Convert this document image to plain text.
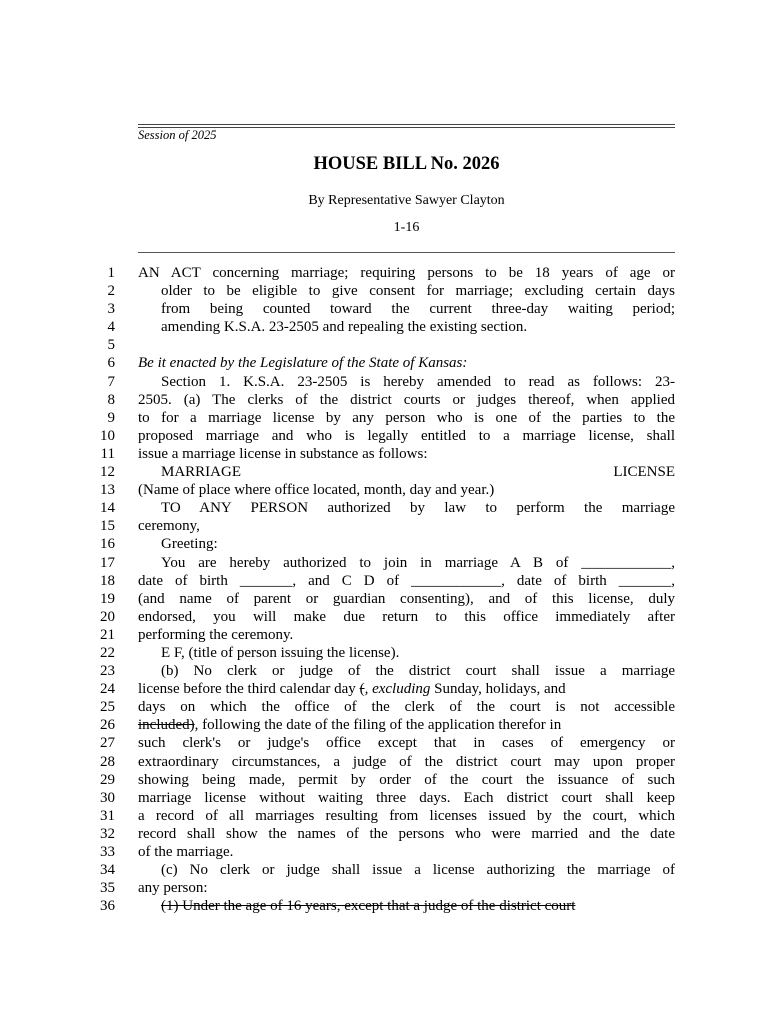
Session of 2025
HOUSE BILL No. 2026
By Representative Sawyer Clayton
1-16
1 AN ACT concerning marriage; requiring persons to be 18 years of age or
2	older to be eligible to give consent for marriage; excluding certain days
3	from being counted toward the current three-day waiting period;
4	amending K.S.A. 23-2505 and repealing the existing section.
5
6 Be it enacted by the Legislature of the State of Kansas:
7	Section 1. K.S.A. 23-2505 is hereby amended to read as follows: 23-
8 2505. (a) The clerks of the district courts or judges thereof, when applied
9 to for a marriage license by any person who is one of the parties to the
10 proposed marriage and who is legally entitled to a marriage license, shall
11 issue a marriage license in substance as follows:
12	MARRIAGE	LICENSE
13 (Name of place where office located, month, day and year.)
14	TO ANY PERSON authorized by law to perform the marriage
15 ceremony,
16	Greeting:
17	You are hereby authorized to join in marriage A B of ____________,
18 date of birth _______, and C D of ____________, date of birth _______,
19 (and name of parent or guardian consenting), and of this license, duly
20 endorsed, you will make due return to this office immediately after
21 performing the ceremony.
22	E F, (title of person issuing the license).
23	(b) No clerk or judge of the district court shall issue a marriage
24 license before the third calendar day (, excluding Sunday, holidays, and
25 days on which the office of the clerk of the court is not accessible
26 included), following the date of the filing of the application therefor in
27 such clerk's or judge's office except that in cases of emergency or
28 extraordinary circumstances, a judge of the district court may upon proper
29 showing being made, permit by order of the court the issuance of such
30 marriage license without waiting three days. Each district court shall keep
31 a record of all marriages resulting from licenses issued by the court, which
32 record shall show the names of the persons who were married and the date
33 of the marriage.
34	(c) No clerk or judge shall issue a license authorizing the marriage of
35 any person:
36	(1) Under the age of 16 years, except that a judge of the district court
